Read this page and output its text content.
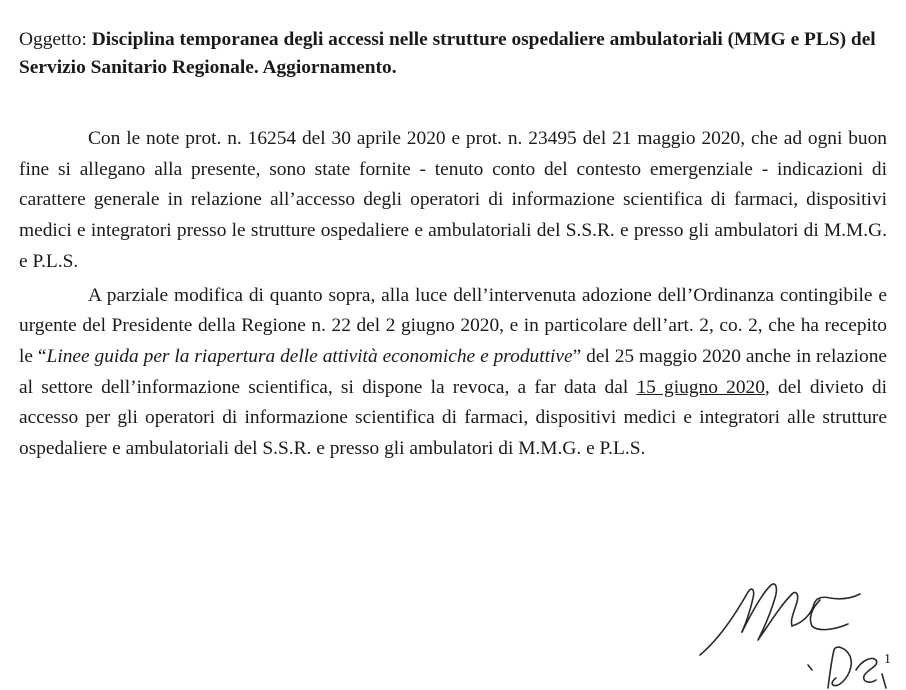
Oggetto: Disciplina temporanea degli accessi nelle strutture ospedaliere ambulatoriali (MMG e PLS) del Servizio Sanitario Regionale. Aggiornamento.

Con le note prot. n. 16254 del 30 aprile 2020 e prot. n. 23495 del 21 maggio 2020, che ad ogni buon fine si allegano alla presente, sono state fornite - tenuto conto del contesto emergenziale - indicazioni di carattere generale in relazione all’accesso degli operatori di informazione scientifica di farmaci, dispositivi medici e integratori presso le strutture ospedaliere e ambulatoriali del S.S.R. e presso gli ambulatori di M.M.G. e P.L.S.

A parziale modifica di quanto sopra, alla luce dell’intervenuta adozione dell’Ordinanza contingibile e urgente del Presidente della Regione n. 22 del 2 giugno 2020, e in particolare dell’art. 2, co. 2, che ha recepito le “Linee guida per la riapertura delle attività economiche e produttive” del 25 maggio 2020 anche in relazione al settore dell’informazione scientifica, si dispone la revoca, a far data dal 15 giugno 2020, del divieto di accesso per gli operatori di informazione scientifica di farmaci, dispositivi medici e integratori alle strutture ospedaliere e ambulatoriali del S.S.R. e presso gli ambulatori di M.M.G. e P.L.S.

1
